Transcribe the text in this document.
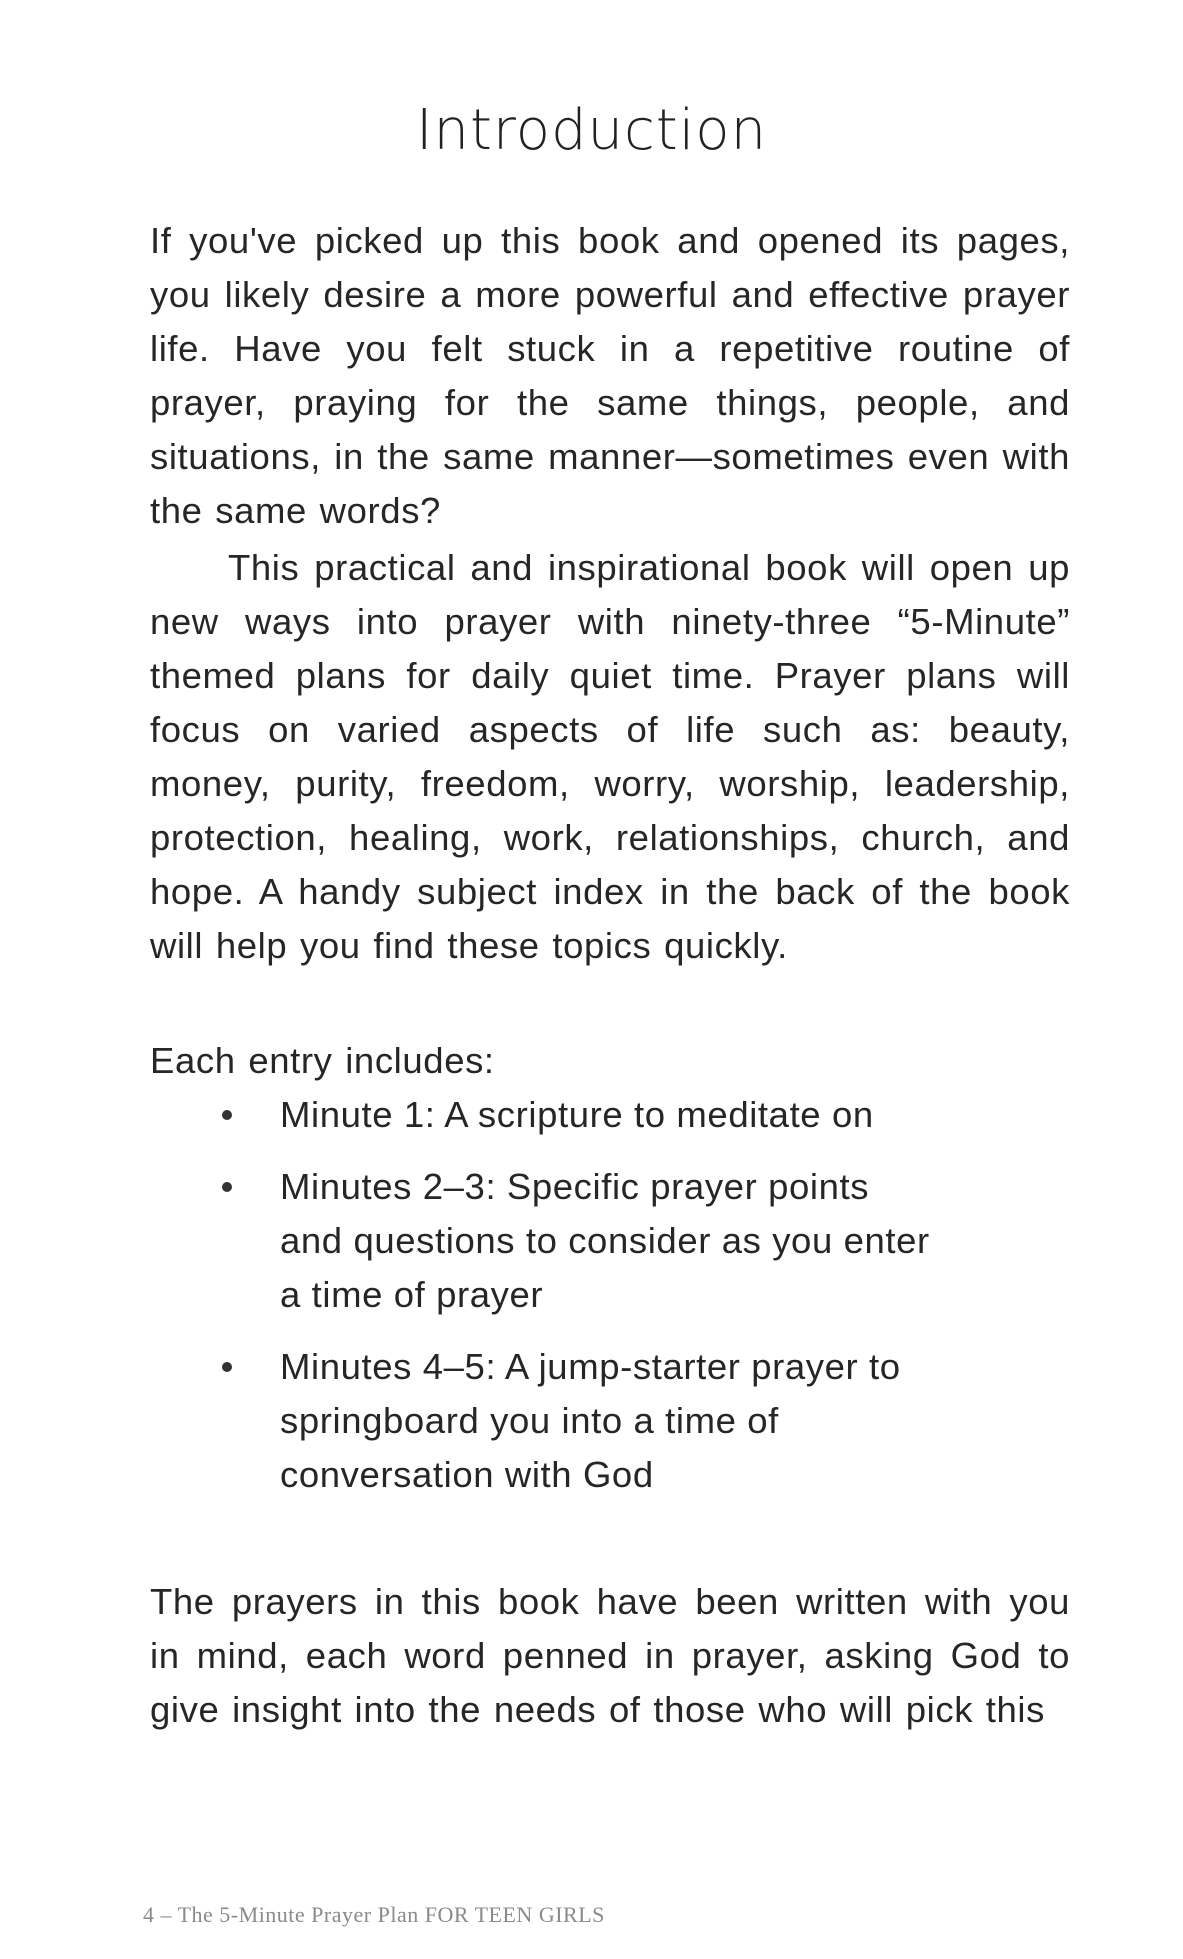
Introduction

If you've picked up this book and opened its pages, you likely desire a more powerful and effective prayer life. Have you felt stuck in a repetitive routine of prayer, praying for the same things, people, and situations, in the same manner—sometimes even with the same words?

This practical and inspirational book will open up new ways into prayer with ninety-three “5-Minute” themed plans for daily quiet time. Prayer plans will focus on varied aspects of life such as: beauty, money, purity, freedom, worry, worship, leadership, protection, healing, work, relationships, church, and hope. A handy subject index in the back of the book will help you find these topics quickly.

Each entry includes:

Minute 1: A scripture to meditate on
Minutes 2–3: Specific prayer points and questions to consider as you enter a time of prayer
Minutes 4–5: A jump-starter prayer to springboard you into a time of conversation with God

The prayers in this book have been written with you in mind, each word penned in prayer, asking God to give insight into the needs of those who will pick this

4 – The 5-Minute Prayer Plan FOR TEEN GIRLS
